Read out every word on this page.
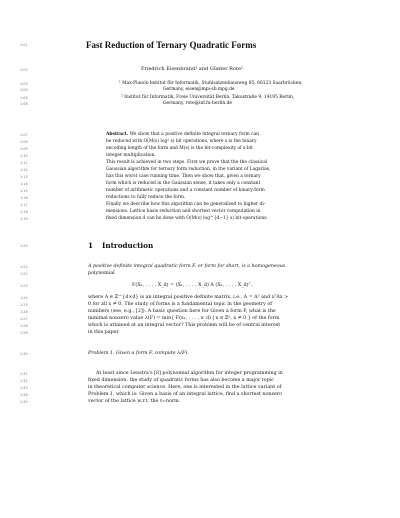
1:01	Fast Reduction of Ternary Quadratic Forms
1:02	Friedrich Eisenbrand¹ and Günter Rote²
1:03
1:04
1:05
1:06
¹ Max-Planck-Institut für Informatik, Stuhlsatzenhausweg 85, 66123 Saarbrücken,
Germany, eisen@mpi-sb.mpg.de
² Institut für Informatik, Freie Universität Berlin, Takustraße 9, 14195 Berlin,
Germany, rote@inf.fu-berlin.de
1:07
1:08
1:09
1:10
1:11
1:12
1:13
1:14
1:15
1:16
1:17
1:18
1:19
Abstract. We show that a positive definite integral ternary form can
be reduced with O(M(s) log² s) bit operations, where s is the binary
encoding length of the form and M(s) is the bit-complexity of s-bit
integer multiplication.
This result is achieved in two steps. First we prove that the the classical
Gaussian algorithm for ternary form reduction, in the variant of Lagarias,
has this worst case running time. Then we show that, given a ternary
form which is reduced in the Gaussian sense, it takes only a constant
number of arithmetic operations and a constant number of binary-form
reductions to fully reduce the form.
Finally we describe how this algorithm can be generalized to higher di-
mensions. Lattice basis reduction and shortest vector computation in
fixed dimension d can be done with O(M(s) log^{d−1} s) bit-operations.
1:20	1 Introduction
1:21
1:22
1:23
A positive definite integral quadratic form F, or form for short, is a homogeneous
polynomial
F(X₁, . . . , X_d) = (X₁, . . . , X_d) A (X₁, . . . , X_d)ᵀ,
1:24
1:25
1:26
1:27
1:28
1:29
where A ∈ ℤ^{d×d} is an integral positive definite matrix, i.e., A = Aᵀ and xᵀAx >
0 for all x ≠ 0. The study of forms is a fundamental topic in the geometry of
numbers (see, e.g., [2]). A basic question here for Given a form F, what is the
minimal nonzero value λ(F) = min{ F(x₁, . . . , x_d) | x ∈ ℤᵈ, x ≠ 0 } of the form
which is attained at an integral vector? This problem will be of central interest
in this paper.
1:30	Problem 1. Given a form F, compute λ(F).
1:31
1:32
1:33
1:34
1:35
At least since Lenstra's [8] polynomial algorithm for integer programming in
fixed dimension, the study of quadratic forms has also become a major topic
in theoretical computer science. Here, one is interested in the lattice variant of
Problem 1, which is: Given a basis of an integral lattice, find a shortest nonzero
vector of the lattice w.r.t. the ℓ₂-norm.
